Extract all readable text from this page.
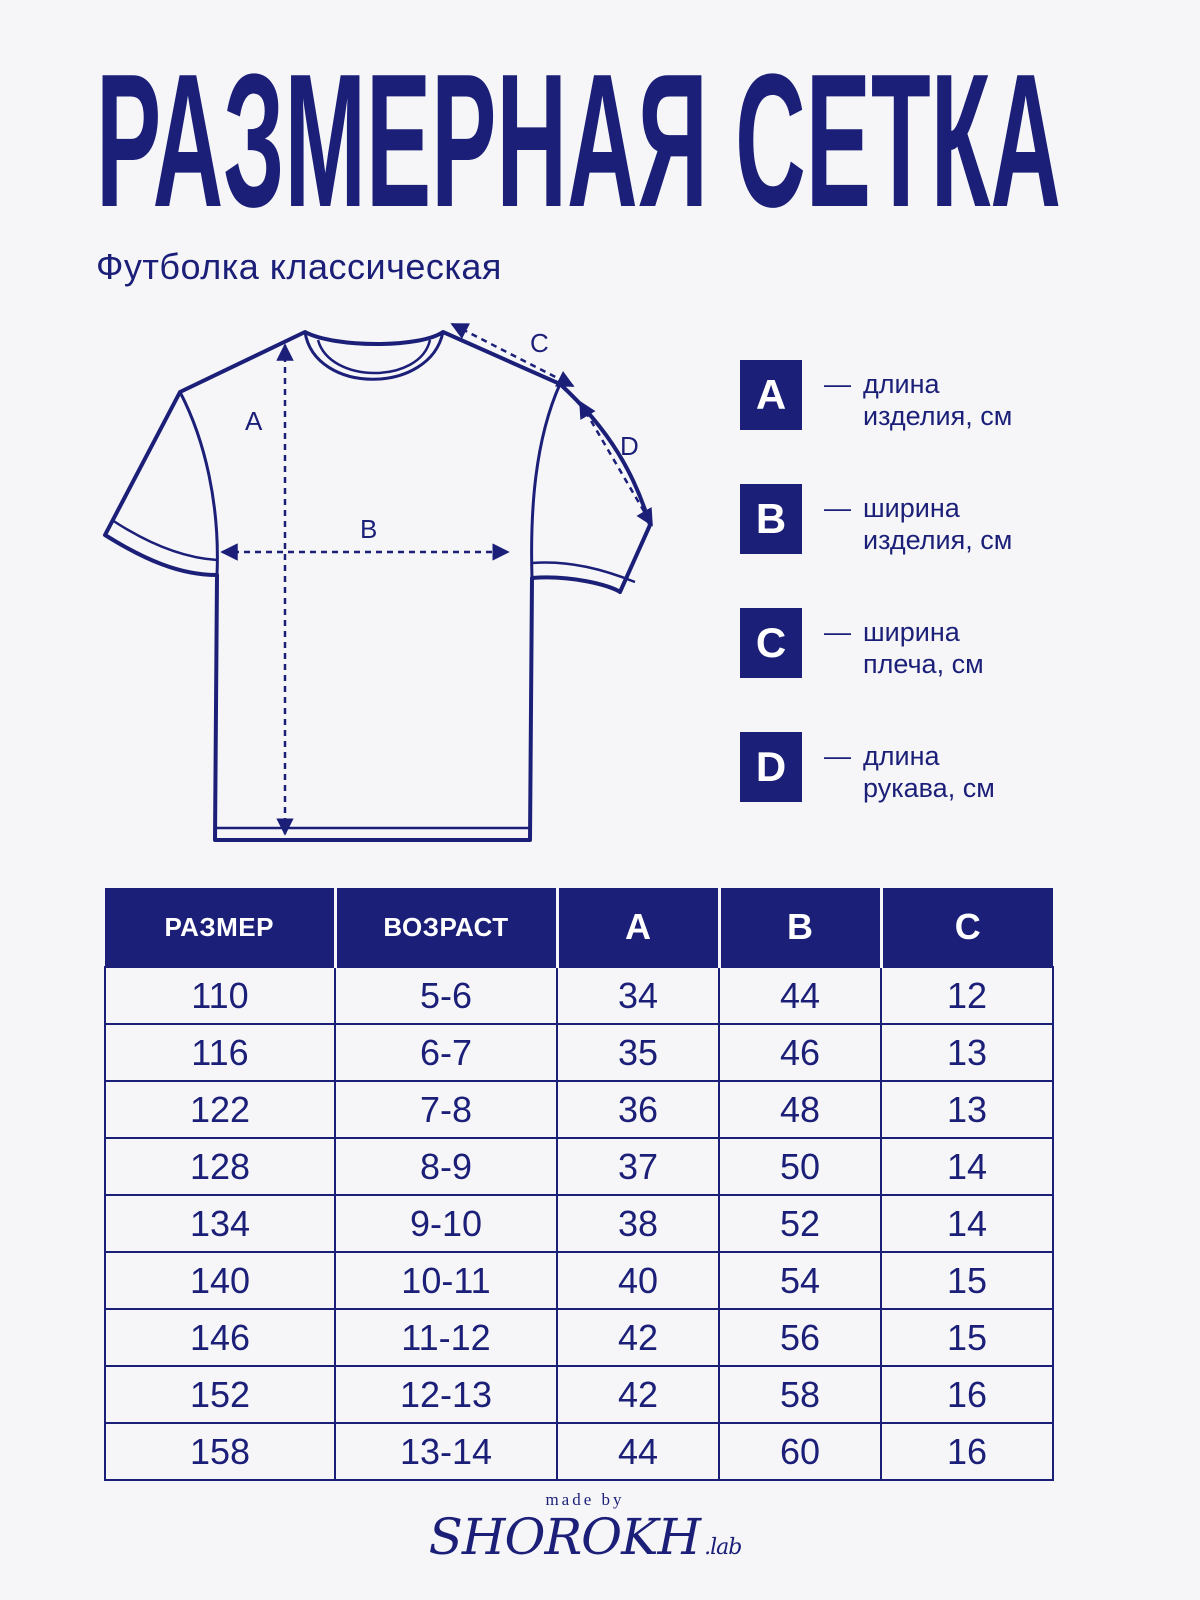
РАЗМЕРНАЯ СЕТКА
Футболка классическая
A
B
C
D
A	— длина
изделия, см
B	— ширина
изделия, см
C	— ширина
плеча, см
D	— длина
рукава, см
РАЗМЕР	ВОЗРАСТ	A	B	C
110	5-6	34	44	12
116	6-7	35	46	13
122	7-8	36	48	13
128	8-9	37	50	14
134	9-10	38	52	14
140	10-11	40	54	15
146	11-12	42	56	15
152	12-13	42	58	16
158	13-14	44	60	16
made by
SHOROKH .lab
